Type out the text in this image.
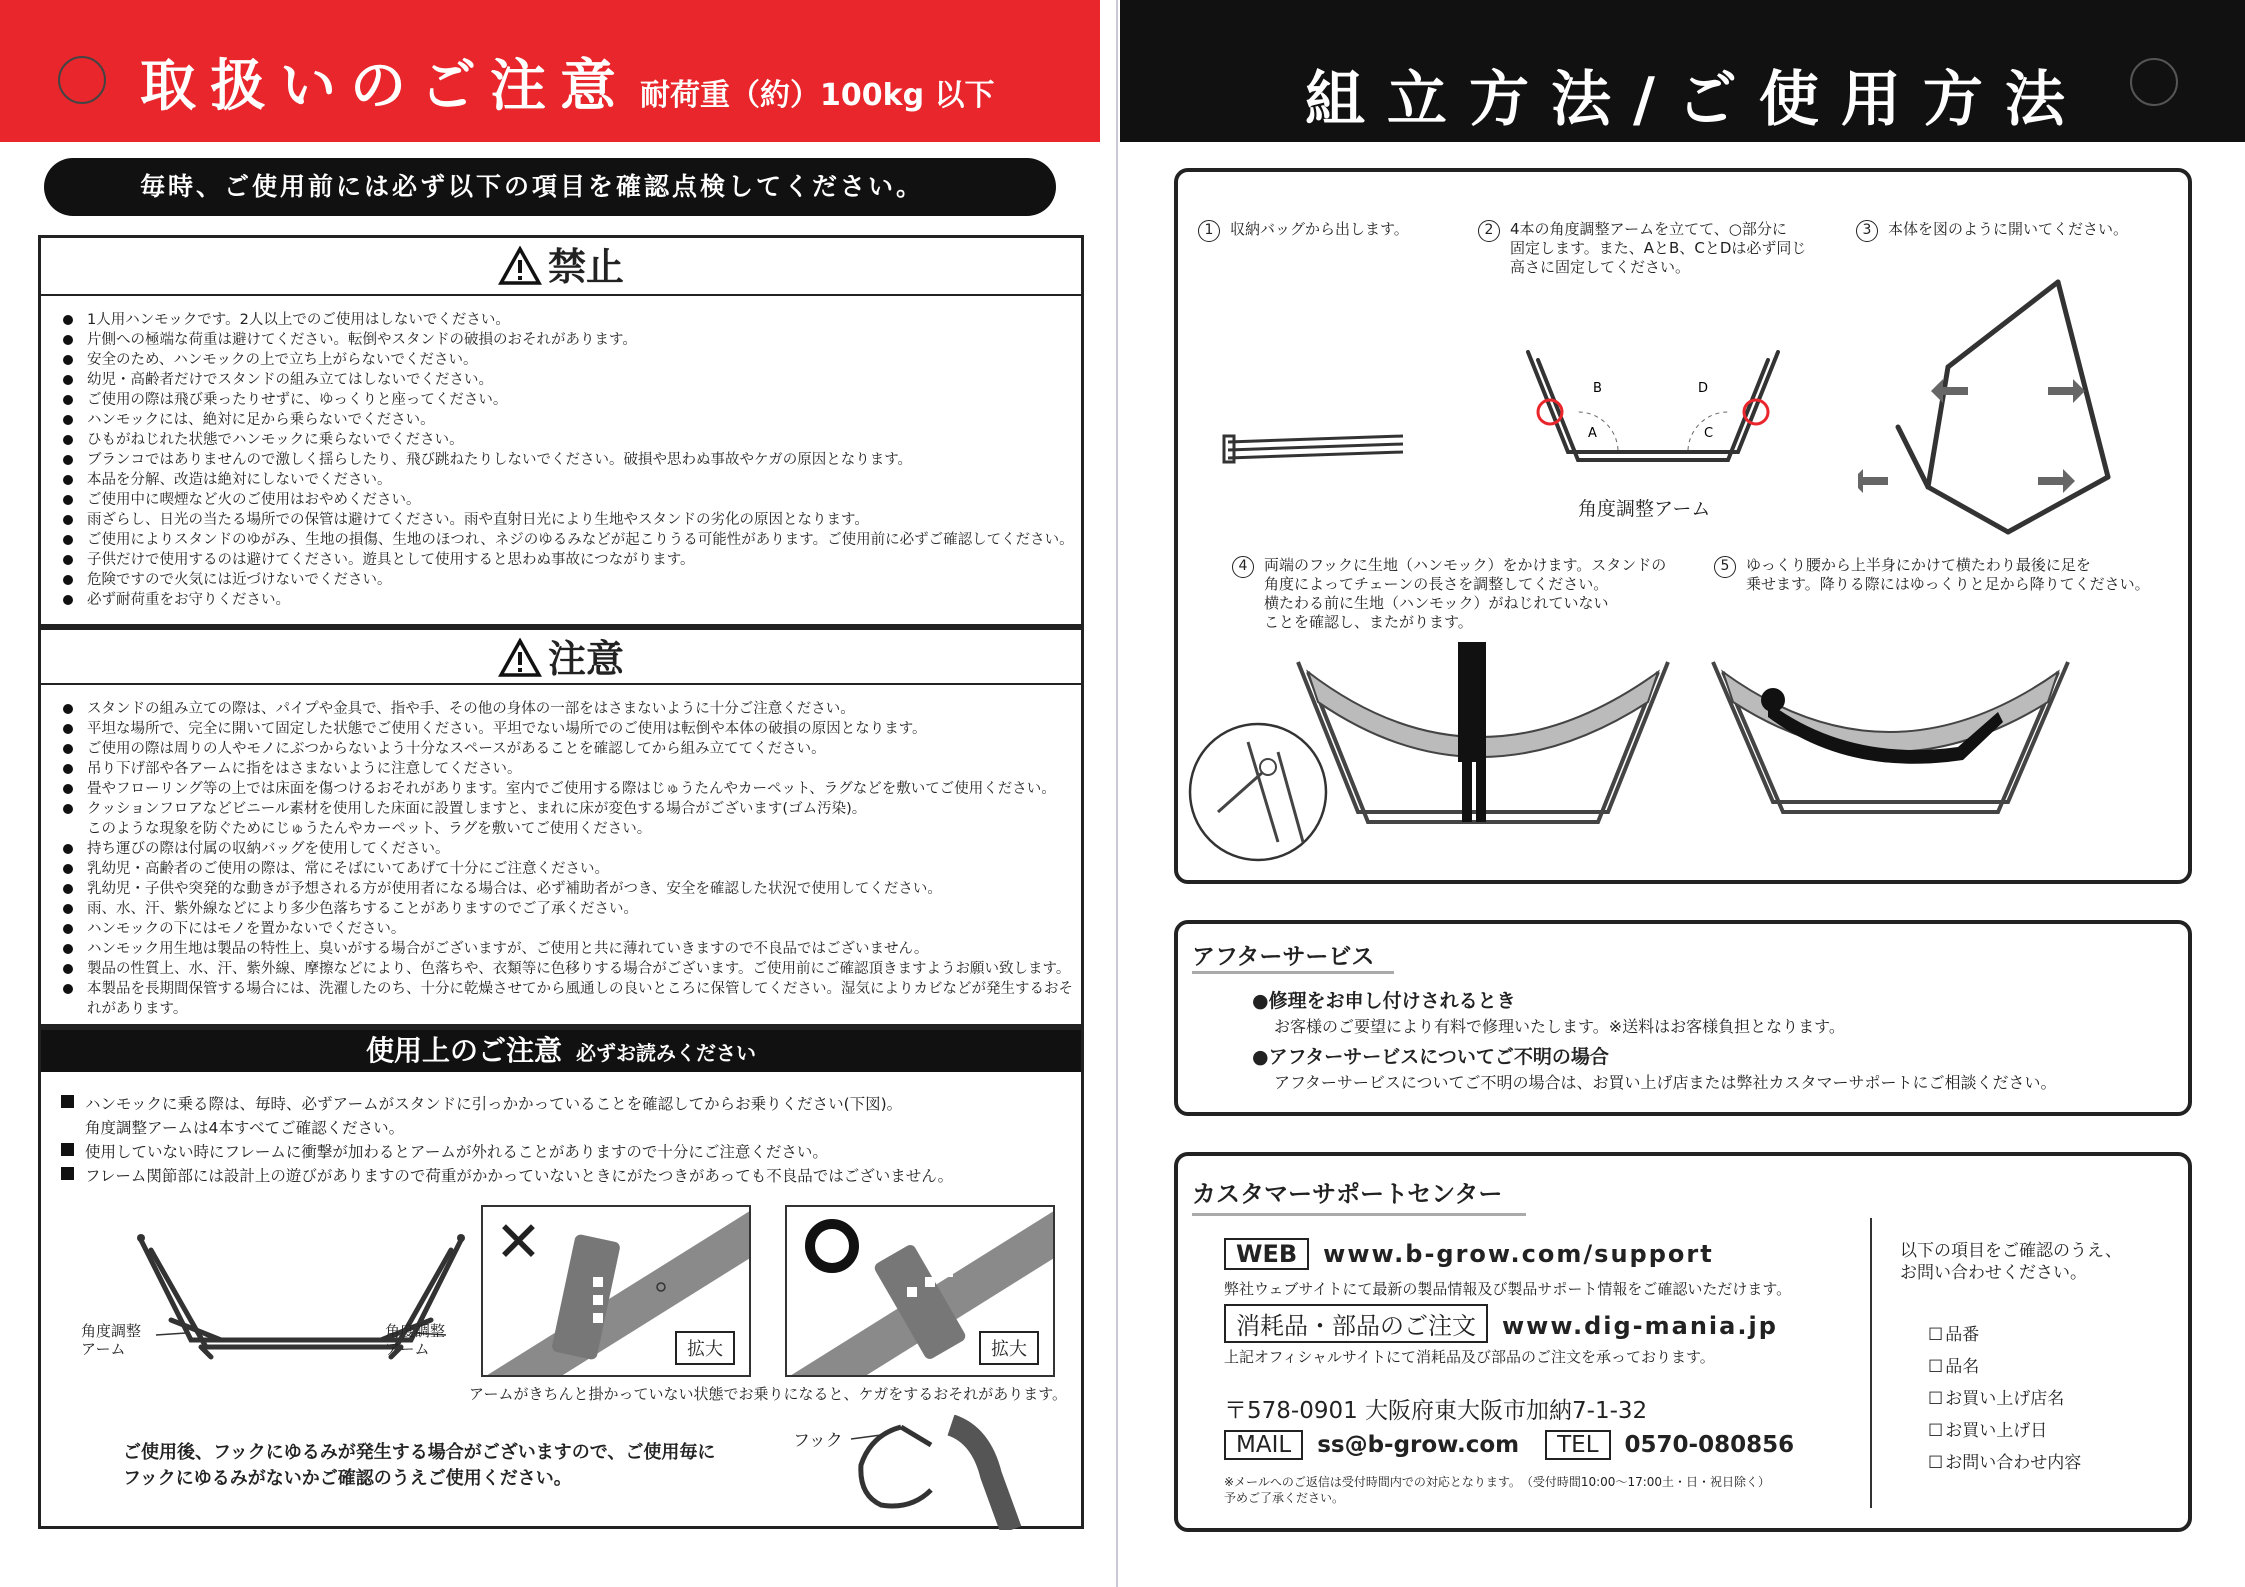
取扱いのご注意 耐荷重（約）100kg 以下
毎時、ご使用前には必ず以下の項目を確認点検してください。
禁止
1人用ハンモックです。2人以上でのご使用はしないでください。
片側への極端な荷重は避けてください。転倒やスタンドの破損のおそれがあります。
安全のため、ハンモックの上で立ち上がらないでください。
幼児・高齢者だけでスタンドの組み立てはしないでください。
ご使用の際は飛び乗ったりせずに、ゆっくりと座ってください。
ハンモックには、絶対に足から乗らないでください。
ひもがねじれた状態でハンモックに乗らないでください。
ブランコではありませんので激しく揺らしたり、飛び跳ねたりしないでください。破損や思わぬ事故やケガの原因となります。
本品を分解、改造は絶対にしないでください。
ご使用中に喫煙など火のご使用はおやめください。
雨ざらし、日光の当たる場所での保管は避けてください。雨や直射日光により生地やスタンドの劣化の原因となります。
ご使用によりスタンドのゆがみ、生地の損傷、生地のほつれ、ネジのゆるみなどが起こりうる可能性があります。ご使用前に必ずご確認してください。
子供だけで使用するのは避けてください。遊具として使用すると思わぬ事故につながります。
危険ですので火気には近づけないでください。
必ず耐荷重をお守りください。
注意
スタンドの組み立ての際は、パイプや金具で、指や手、その他の身体の一部をはさまないように十分ご注意ください。
平坦な場所で、完全に開いて固定した状態でご使用ください。平坦でない場所でのご使用は転倒や本体の破損の原因となります。
ご使用の際は周りの人やモノにぶつからないよう十分なスペースがあることを確認してから組み立ててください。
吊り下げ部や各アームに指をはさまないように注意してください。
畳やフローリング等の上では床面を傷つけるおそれがあります。室内でご使用する際はじゅうたんやカーペット、ラグなどを敷いてご使用ください。
クッションフロアなどビニール素材を使用した床面に設置しますと、まれに床が変色する場合がございます(ゴム汚染)。
このような現象を防ぐためにじゅうたんやカーペット、ラグを敷いてご使用ください。
持ち運びの際は付属の収納バッグを使用してください。
乳幼児・高齢者のご使用の際は、常にそばにいてあげて十分にご注意ください。
乳幼児・子供や突発的な動きが予想される方が使用者になる場合は、必ず補助者がつき、安全を確認した状況で使用してください。
雨、水、汗、紫外線などにより多少色落ちすることがありますのでご了承ください。
ハンモックの下にはモノを置かないでください。
ハンモック用生地は製品の特性上、臭いがする場合がございますが、ご使用と共に薄れていきますので不良品ではございません。
製品の性質上、水、汗、紫外線、摩擦などにより、色落ちや、衣類等に色移りする場合がございます。ご使用前にご確認頂きますようお願い致します。
本製品を長期間保管する場合には、洗濯したのち、十分に乾燥させてから風通しの良いところに保管してください。湿気によりカビなどが発生するおそ
れがあります。
使用上のご注意 必ずお読みください
ハンモックに乗る際は、毎時、必ずアームがスタンドに引っかかっていることを確認してからお乗りください(下図)。
角度調整アームは4本すべてご確認ください。
使用していない時にフレームに衝撃が加わるとアームが外れることがありますので十分にご注意ください。
フレーム関節部には設計上の遊びがありますので荷重がかかっていないときにがたつきがあっても不良品ではございません。
角度調整
アーム
角度調整
アーム
✕
拡大	拡大
アームがきちんと掛かっていない状態でお乗りになると、ケガをするおそれがあります。
ご使用後、フックにゆるみが発生する場合がございますので、ご使用毎に
フックにゆるみがないかご確認のうえご使用ください。
フック
組立方法/ご使用方法
1 収納バッグから出します。	2 4本の角度調整アームを立てて、○部分に
固定します。また、AとB、CとDは必ず同じ
高さに固定してください。
3 本体を図のように開いてください。
A
B
C
D
角度調整アーム
4 両端のフックに生地（ハンモック）をかけます。スタンドの
角度によってチェーンの長さを調整してください。
横たわる前に生地（ハンモック）がねじれていない
ことを確認し、またがります。
5 ゆっくり腰から上半身にかけて横たわり最後に足を
乗せます。降りる際にはゆっくりと足から降りてください。
アフターサービス
●修理をお申し付けされるとき
お客様のご要望により有料で修理いたします。※送料はお客様負担となります。
●アフターサービスについてご不明の場合
アフターサービスについてご不明の場合は、お買い上げ店または弊社カスタマーサポートにご相談ください。
カスタマーサポートセンター
WEB www.b-grow.com/support
弊社ウェブサイトにて最新の製品情報及び製品サポート情報をご確認いただけます。
消耗品・部品のご注文 www.dig-mania.jp
上記オフィシャルサイトにて消耗品及び部品のご注文を承っております。
〒578-0901 大阪府東大阪市加納7-1-32
MAIL ss@b-grow.com TEL 0570-080856
※メールへのご返信は受付時間内での対応となります。　（受付時間10:00〜17:00土・日・祝日除く）
予めご了承ください。
以下の項目をご確認のうえ、
お問い合わせください。
☐ 品番
☐ 品名
☐ お買い上げ店名
☐ お買い上げ日
☐ お問い合わせ内容
